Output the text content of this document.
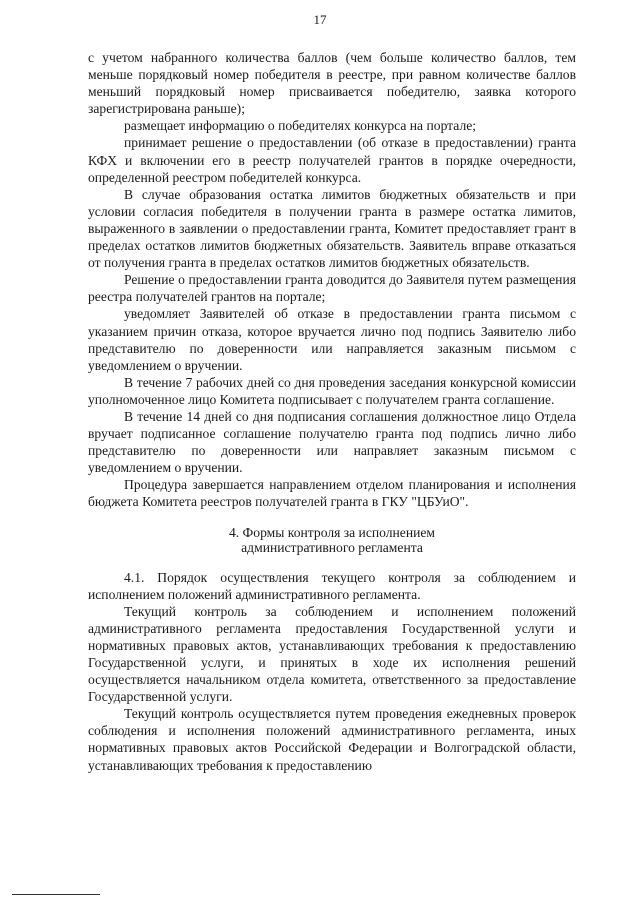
17

с учетом набранного количества баллов (чем больше количество баллов, тем меньше порядковый номер победителя в реестре, при равном количестве баллов меньший порядковый номер присваивается победителю, заявка которого зарегистрирована раньше);

размещает информацию о победителях конкурса на портале;

принимает решение о предоставлении (об отказе в предоставлении) гранта КФХ и включении его в реестр получателей грантов в порядке очередности, определенной реестром победителей конкурса.

В случае образования остатка лимитов бюджетных обязательств и при условии согласия победителя в получении гранта в размере остатка лимитов, выраженного в заявлении о предоставлении гранта, Комитет предоставляет грант в пределах остатков лимитов бюджетных обязательств. Заявитель вправе отказаться от получения гранта в пределах остатков лимитов бюджетных обязательств.

Решение о предоставлении гранта доводится до Заявителя путем размещения реестра получателей грантов на портале;

уведомляет Заявителей об отказе в предоставлении гранта письмом с указанием причин отказа, которое вручается лично под подпись Заявителю либо представителю по доверенности или направляется заказным письмом с уведомлением о вручении.

В течение 7 рабочих дней со дня проведения заседания конкурсной комиссии уполномоченное лицо Комитета подписывает с получателем гранта соглашение.

В течение 14 дней со дня подписания соглашения должностное лицо Отдела вручает подписанное соглашение получателю гранта под подпись лично либо представителю по доверенности или направляет заказным письмом с уведомлением о вручении.

Процедура завершается направлением отделом планирования и исполнения бюджета Комитета реестров получателей гранта в ГКУ "ЦБУиО".

4. Формы контроля за исполнением
административного регламента

4.1. Порядок осуществления текущего контроля за соблюдением и исполнением положений административного регламента.

Текущий контроль за соблюдением и исполнением положений административного регламента предоставления Государственной услуги и нормативных правовых актов, устанавливающих требования к предоставлению Государственной услуги, и принятых в ходе их исполнения решений осуществляется начальником отдела комитета, ответственного за предоставление Государственной услуги.

Текущий контроль осуществляется путем проведения ежедневных проверок соблюдения и исполнения положений административного регламента, иных нормативных правовых актов Российской Федерации и Волгоградской области, устанавливающих требования к предоставлению
